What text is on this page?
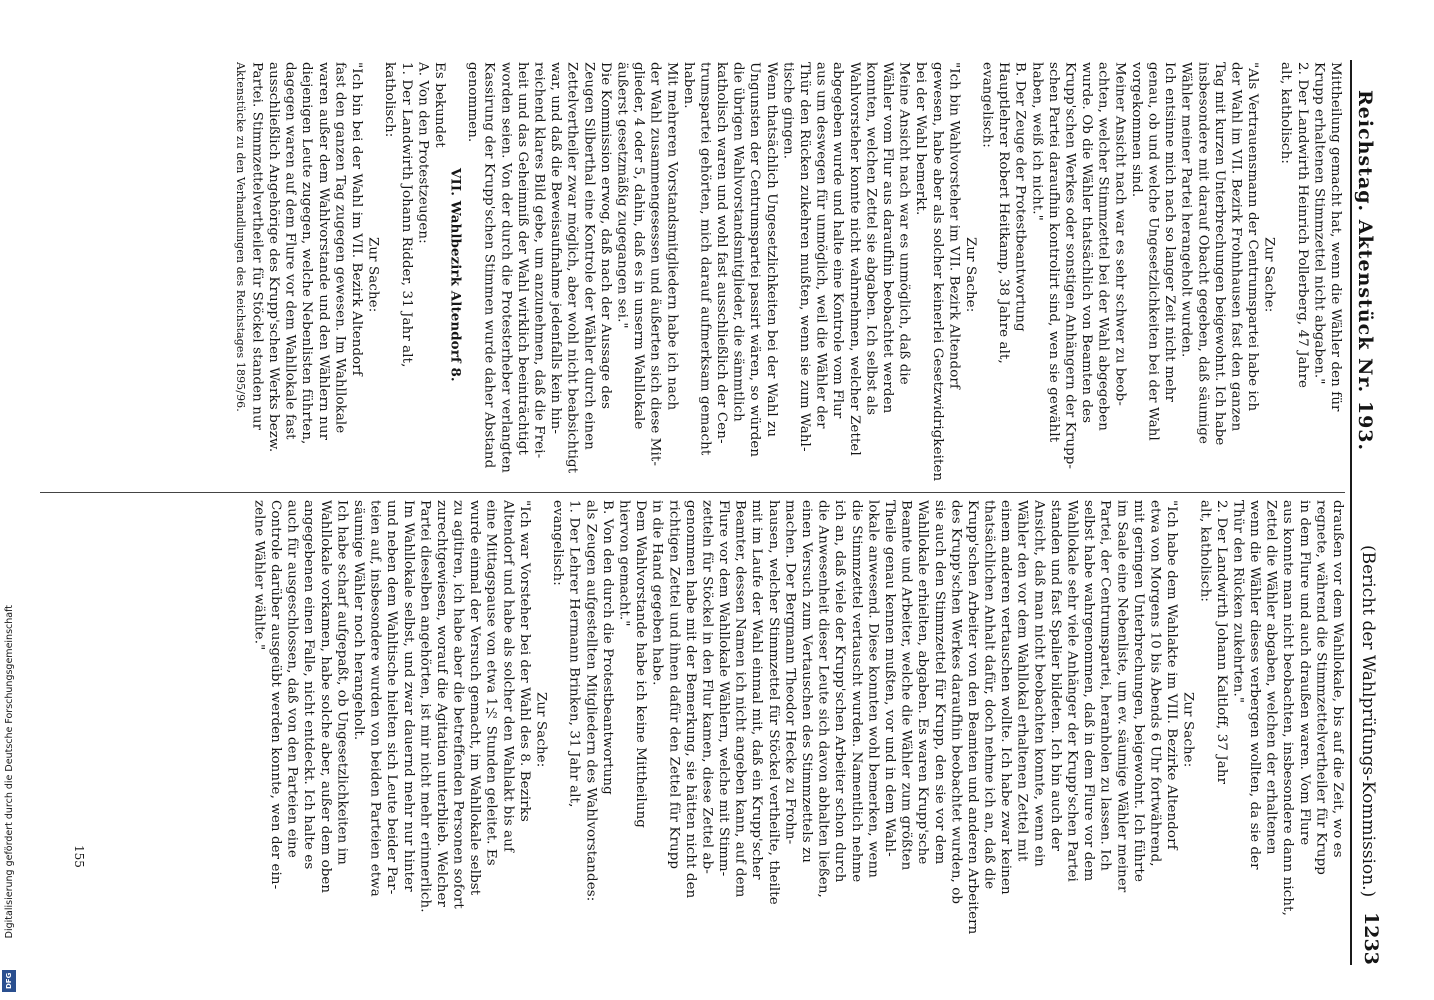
Reichstag. Aktenstück Nr. 193.
(Bericht der Wahlprüfungs-Kommission.)
1233

Mittheilung gemacht hat, wenn die Wähler den für

Krupp erhaltenen Stimmzettel nicht abgaben."

2. Der Landwirth Heinrich Pollerberg, 47 Jahre

alt, katholisch:

Zur Sache:

"Als Vertrauensmann der Centrumspartei habe ich

der Wahl im VII. Bezirk Frohnhausen fast den ganzen

Tag mit kurzen Unterbrechungen beigewohnt. Ich habe

insbesondere mit darauf Obacht gegeben, daß säumige

Wähler meiner Partei herangeholt wurden.

Ich entsinne mich nach so langer Zeit nicht mehr

genau, ob und welche Ungesetzlichkeiten bei der Wahl

vorgekommen sind.

Meiner Ansicht nach war es sehr schwer zu beob-

achten, welcher Stimmzettel bei der Wahl abgegeben

wurde. Ob die Wähler thatsächlich von Beamten des

Krupp'schen Werkes oder sonstigen Anhängern der Krupp-

schen Partei daraufhin kontrolirt sind, wen sie gewählt

haben, weiß ich nicht."

B. Der Zeuge der Protestbeantwortung

Hauptlehrer Robert Heitkamp, 38 Jahre alt,

evangelisch:

Zur Sache:

"Ich bin Wahlvorsteher im VII. Bezirk Altendorf

gewesen, habe aber als solcher keinerlei Gesetzwidrigkeiten

bei der Wahl bemerkt.

Meine Ansicht nach war es unmöglich, daß die

Wähler vom Flur aus daraufhin beobachtet werden

konnten, welchen Zettel sie abgaben. Ich selbst als

Wahlvorsteher konnte nicht wahrnehmen, welcher Zettel

abgegeben wurde und halte eine Kontrole vom Flur

aus um deswegen für unmöglich, weil die Wähler der

Thür den Rücken zukehren mußten, wenn sie zum Wahl-

tische gingen.

Wenn thatsächlich Ungesetzlichkeiten bei der Wahl zu

Ungunsten der Centrumspartei passirt wären, so würden

die übrigen Wahlvorstandsmitglieder, die sämmtlich

katholisch waren und wohl fast ausschließlich der Cen-

trumspartei gehörten, mich darauf aufmerksam gemacht

haben.

Mit mehreren Vorstandsmitgliedern habe ich nach

der Wahl zusammengesessen und äußerten sich diese Mit-

glieder, 4 oder 5, dahin, daß es in unserm Wahllokale

äußerst gesetzmäßig zugegangen sei."

Die Kommission erwog, daß nach der Aussage des

Zeugen Silberthal eine Kontrole der Wähler durch einen

Zettelvertheiler zwar möglich, aber wohl nicht beabsichtigt

war, und daß die Beweisaufnahme jedenfalls kein hin-

reichend klares Bild gebe, um anzunehmen, daß die Frei-

heit und das Geheimniß der Wahl wirklich beeinträchtigt

worden seien. Von der durch die Protesterheber verlangten

Kassirung der Krupp'schen Stimmen wurde daher Abstand

genommen.

VII. Wahlbezirk Altendorf 8.

Es bekundet

A. Von den Protestzeugen:

1. Der Landwirth Johann Ridder, 31 Jahr alt,

katholisch:

Zur Sache:

"Ich bin bei der Wahl im VII. Bezirk Altendorf

fast den ganzen Tag zugegen gewesen. Im Wahllokale

waren außer dem Wahlvorstande und den Wählern nur

diejenigen Leute zugegen, welche Nebenlisten führten,

dagegen waren auf dem Flure vor dem Wahllokale fast

ausschließlich Angehörige des Krupp'schen Werks bezw.

Partei. Stimmzettelvertheiler für Stöckel standen nur

Aktenstücke zu den Verhandlungen des Reichstages 1895/96.

draußen vor dem Wahllokale, bis auf die Zeit, wo es

regnete, während die Stimmzettelvertheiler für Krupp

in dem Flure und auch draußen waren. Vom Flure

aus konnte man nicht beobachten, insbesondere dann nicht,

Zettel die Wähler abgaben, welchen der erhaltenen

wenn die Wähler dieses verbergen wollten, da sie der

Thür den Rücken zukehrten."

2. Der Landwirth Johann Kaltloff, 37 Jahr

alt, katholisch:

Zur Sache:

"Ich habe dem Wahlakte im VIII. Bezirke Altendorf

etwa von Morgens 10 bis Abends 6 Uhr fortwährend,

mit geringen Unterbrechungen, beigewohnt. Ich führte

im Saale eine Nebenliste, um ev. säumige Wähler meiner

Partei, der Centrumspartei, heranholen zu lassen. Ich

selbst habe wahrgenommen, daß in dem Flure vor dem

Wahllokale sehr viele Anhänger der Krupp'schen Partei

standen und fast Spalier bildeten. Ich bin auch der

Ansicht, daß man nicht beobachten konnte, wenn ein

Wähler den vor dem Wahllokal erhaltenen Zettel mit

einem anderen vertauschen wollte. Ich habe zwar keinen

thatsächlichen Anhalt dafür, doch nehme ich an, daß die

Krupp'schen Arbeiter von den Beamten und anderen Arbeitern

des Krupp'schen Werkes daraufhin beobachtet wurden, ob

sie auch den Stimmzettel für Krupp, den sie vor dem

Wahllokale erhielten, abgaben. Es waren Krupp'sche

Beamte und Arbeiter, welche die Wähler zum größten

Theile genau kennen mußten, vor und in dem Wahl-

lokale anwesend. Diese konnten wohl bemerken, wenn

die Stimmzettel vertauscht wurden. Namentlich nehme

ich an, daß viele der Krupp'schen Arbeiter schon durch

die Anwesenheit dieser Leute sich davon abhalten ließen,

einen Versuch zum Vertauschen des Stimmzettels zu

machen. Der Bergmann Theodor Hecke zu Frohn-

hausen, welcher Stimmzettel für Stöckel vertheilte, theilte

mit im Laufe der Wahl einmal mit, daß ein Krupp'scher

Beamter, dessen Namen ich nicht angeben kann, auf dem

Flure vor dem Wahllokale Wählern, welche mit Stimm-

zetteln für Stöckel in den Flur kamen, diese Zettel ab-

genommen habe mit der Bemerkung, sie hätten nicht den

richtigen Zettel und ihnen dafür den Zettel für Krupp

in die Hand gegeben habe.

Dem Wahlvorstande habe ich keine Mittheilung

hiervon gemacht."

B. Von den durch die Protestbeantwortung

als Zeugen aufgestellten Mitgliedern des Wahlvorstandes:

1. Der Lehrer Hermann Brinken, 31 Jahr alt,

evangelisch:

Zur Sache:

"Ich war Vorsteher bei der Wahl des 8. Bezirks

Altendorf und habe als solcher den Wahlakt bis auf

eine Mittagspause von etwa 1½ Stunden geleitet. Es

wurde einmal der Versuch gemacht, im Wahllokale selbst

zu agitiren, ich habe aber die betreffenden Personen sofort

zurechtgewiesen, worauf die Agitation unterblieb. Welcher

Partei dieselben angehörten, ist mir nicht mehr erinnerlich.

Im Wahllokale selbst, und zwar dauernd mehr nur hinter

und neben dem Wahltische hielten sich Leute beider Par-

teien auf, insbesondere wurden von beiden Parteien etwa

säumige Wähler noch herangeholt.

Ich habe scharf aufgepaßt, ob Ungesetzlichkeiten im

Wahllokale vorkamen, habe solche aber, außer dem oben

angegebenen einen Falle, nicht entdeckt. Ich halte es

auch für ausgeschlossen, daß von den Parteien eine

Controle darüber ausgeübt werden konnte, wen der ein-

zelne Wähler wählte."

155
Digitalisierung gefördert durch die Deutsche Forschungsgemeinschaft
DFG
